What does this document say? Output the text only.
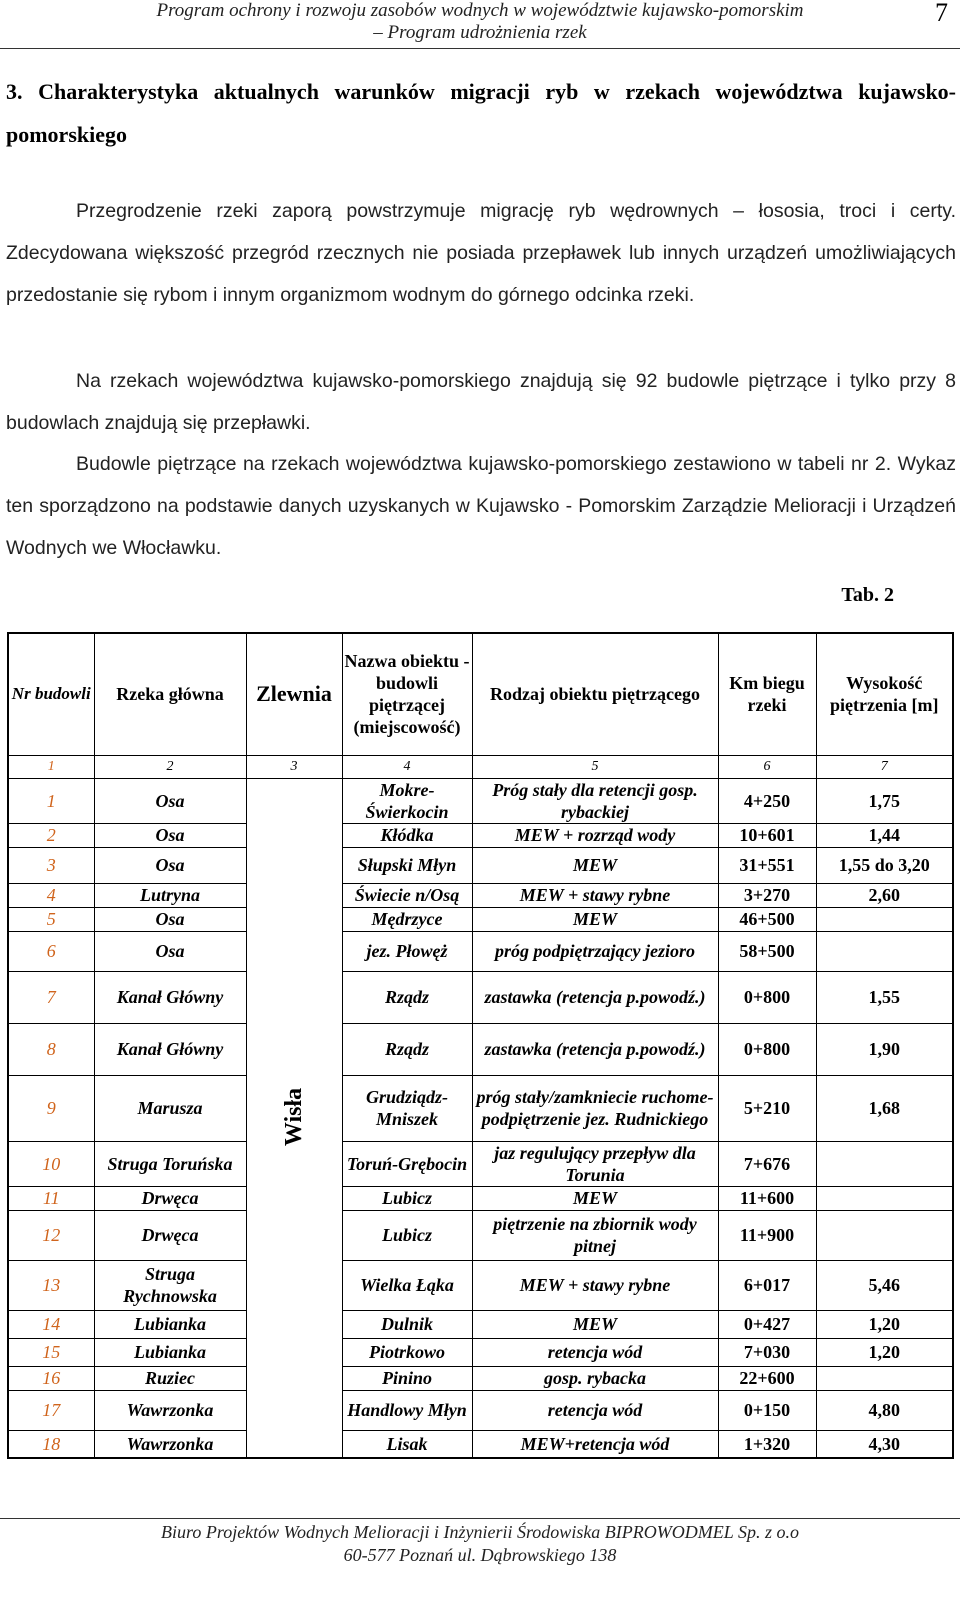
Program ochrony i rozwoju zasobów wodnych w województwie kujawsko-pomorskim
– Program udrożnienia rzek
7
3. Charakterystyka aktualnych warunków migracji ryb w rzekach województwa kujawsko-pomorskiego
Przegrodzenie rzeki zaporą powstrzymuje migrację ryb wędrownych – łososia, troci i certy. Zdecydowana większość przegród rzecznych nie posiada przepławek lub innych urządzeń umożliwiających przedostanie się rybom i innym organizmom wodnym do górnego odcinka rzeki.
Na rzekach województwa kujawsko-pomorskiego znajdują się 92 budowle piętrzące i tylko przy 8 budowlach znajdują się przepławki.
Budowle piętrzące na rzekach województwa kujawsko-pomorskiego zestawiono w tabeli nr 2. Wykaz ten sporządzono na podstawie danych uzyskanych w Kujawsko - Pomorskim Zarządzie Melioracji i Urządzeń Wodnych we Włocławku.
Tab. 2
Nr budowli	Rzeka główna	Zlewnia	Nazwa obiektu - budowli piętrzącej (miejscowość)	Rodzaj obiektu piętrzącego	Km biegu rzeki	Wysokość piętrzenia [m]
1	2	3	4	5	6	7
1	Osa	Wisła	Mokre-Świerkocin	Próg stały dla retencji gosp. rybackiej	4+250	1,75
2	Osa		Kłódka	MEW + rozrząd wody	10+601	1,44
3	Osa		Słupski Młyn	MEW	31+551	1,55 do 3,20
4	Lutryna		Świecie n/Osą	MEW + stawy rybne	3+270	2,60
5	Osa		Mędrzyce	MEW	46+500	
6	Osa		jez. Płowęż	próg podpiętrzający jezioro	58+500	
7	Kanał Główny		Rządz	zastawka (retencja p.powodź.)	0+800	1,55
8	Kanał Główny		Rządz	zastawka (retencja p.powodź.)	0+800	1,90
9	Marusza		Grudziądz-Mniszek	próg stały/zamkniecie ruchome-podpiętrzenie jez. Rudnickiego	5+210	1,68
10	Struga Toruńska		Toruń-Grębocin	jaz regulujący przepływ dla Torunia	7+676	
11	Drwęca		Lubicz	MEW	11+600	
12	Drwęca		Lubicz	piętrzenie na zbiornik wody pitnej	11+900	
13	Struga Rychnowska		Wielka Łąka	MEW + stawy rybne	6+017	5,46
14	Lubianka		Dulnik	MEW	0+427	1,20
15	Lubianka		Piotrkowo	retencja wód	7+030	1,20
16	Ruziec		Pinino	gosp. rybacka	22+600	
17	Wawrzonka		Handlowy Młyn	retencja wód	0+150	4,80
18	Wawrzonka		Lisak	MEW+retencja wód	1+320	4,30
Biuro Projektów Wodnych Melioracji i Inżynierii Środowiska BIPROWODMEL Sp. z o.o
60-577 Poznań ul. Dąbrowskiego 138
